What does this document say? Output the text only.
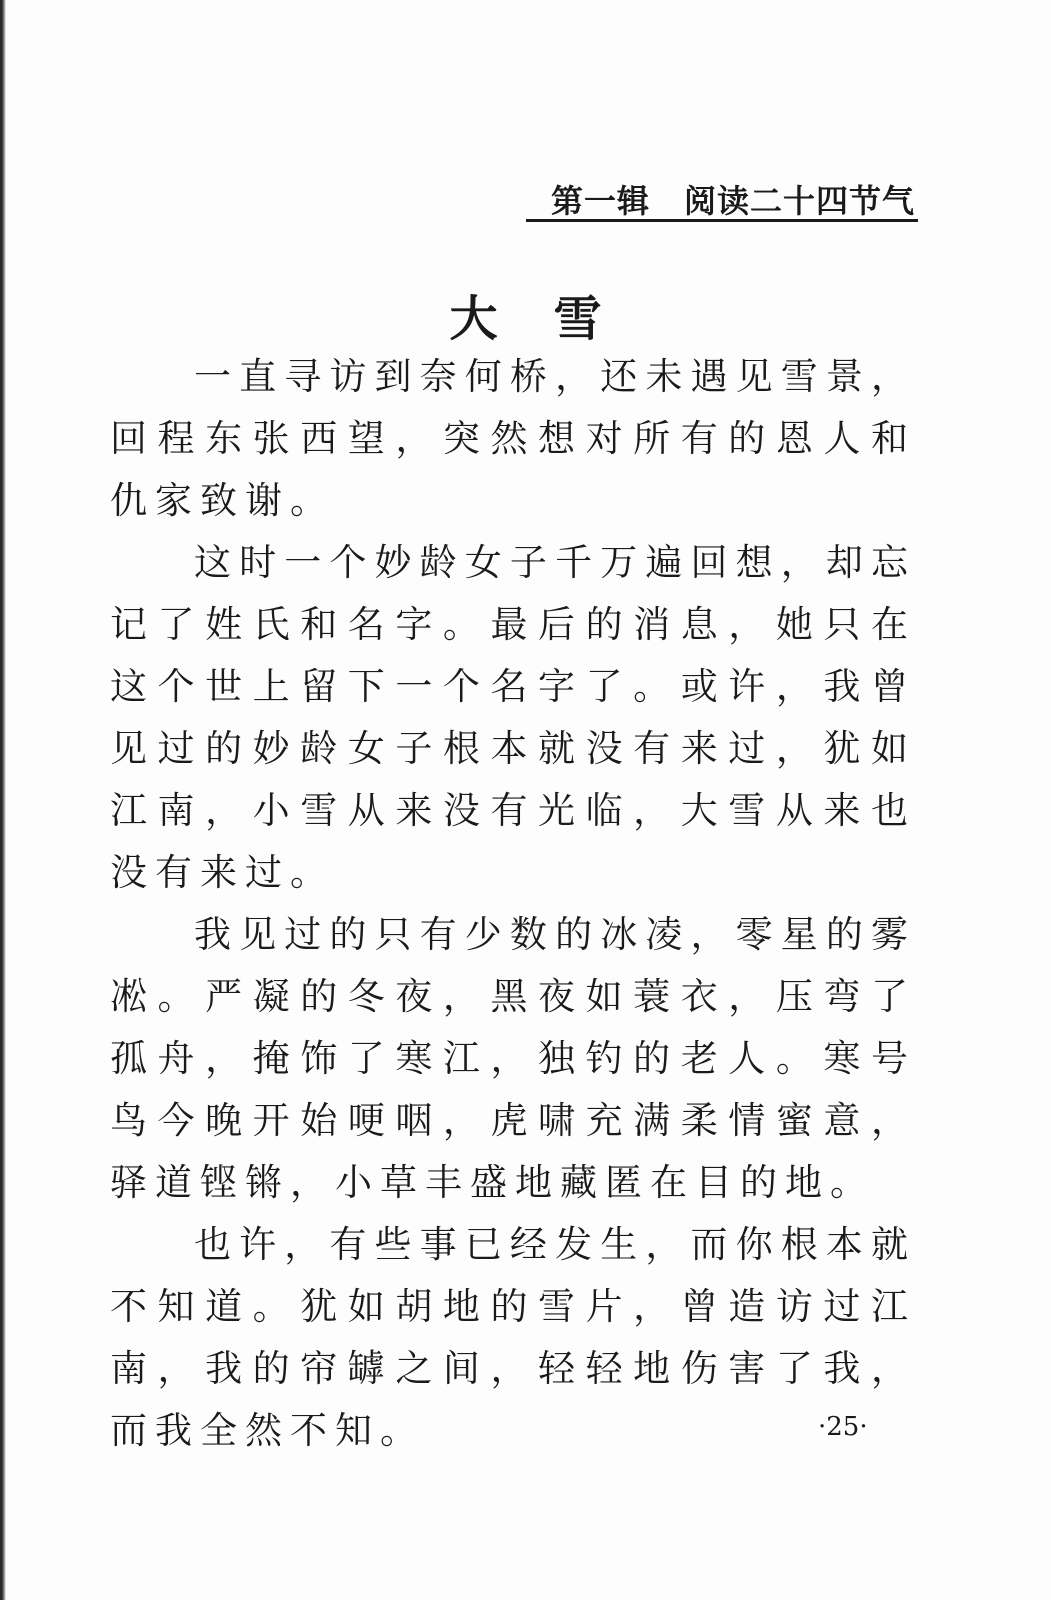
第一辑 阅读二十四节气
大雪

一直寻访到奈何桥，还未遇见雪景，回程东张西望，突然想对所有的恩人和仇家致谢。

这时一个妙龄女子千万遍回想，却忘记了姓氏和名字。最后的消息，她只在这个世上留下一个名字了。或许，我曾见过的妙龄女子根本就没有来过，犹如江南，小雪从来没有光临，大雪从来也没有来过。

我见过的只有少数的冰凌，零星的雾凇。严凝的冬夜，黑夜如蓑衣，压弯了孤舟，掩饰了寒江，独钓的老人。寒号鸟今晚开始哽咽，虎啸充满柔情蜜意，驿道铿锵，小草丰盛地藏匿在目的地。

也许，有些事已经发生，而你根本就不知道。犹如胡地的雪片，曾造访过江南，我的帘罅之间，轻轻地伤害了我，而我全然不知。	·25·
